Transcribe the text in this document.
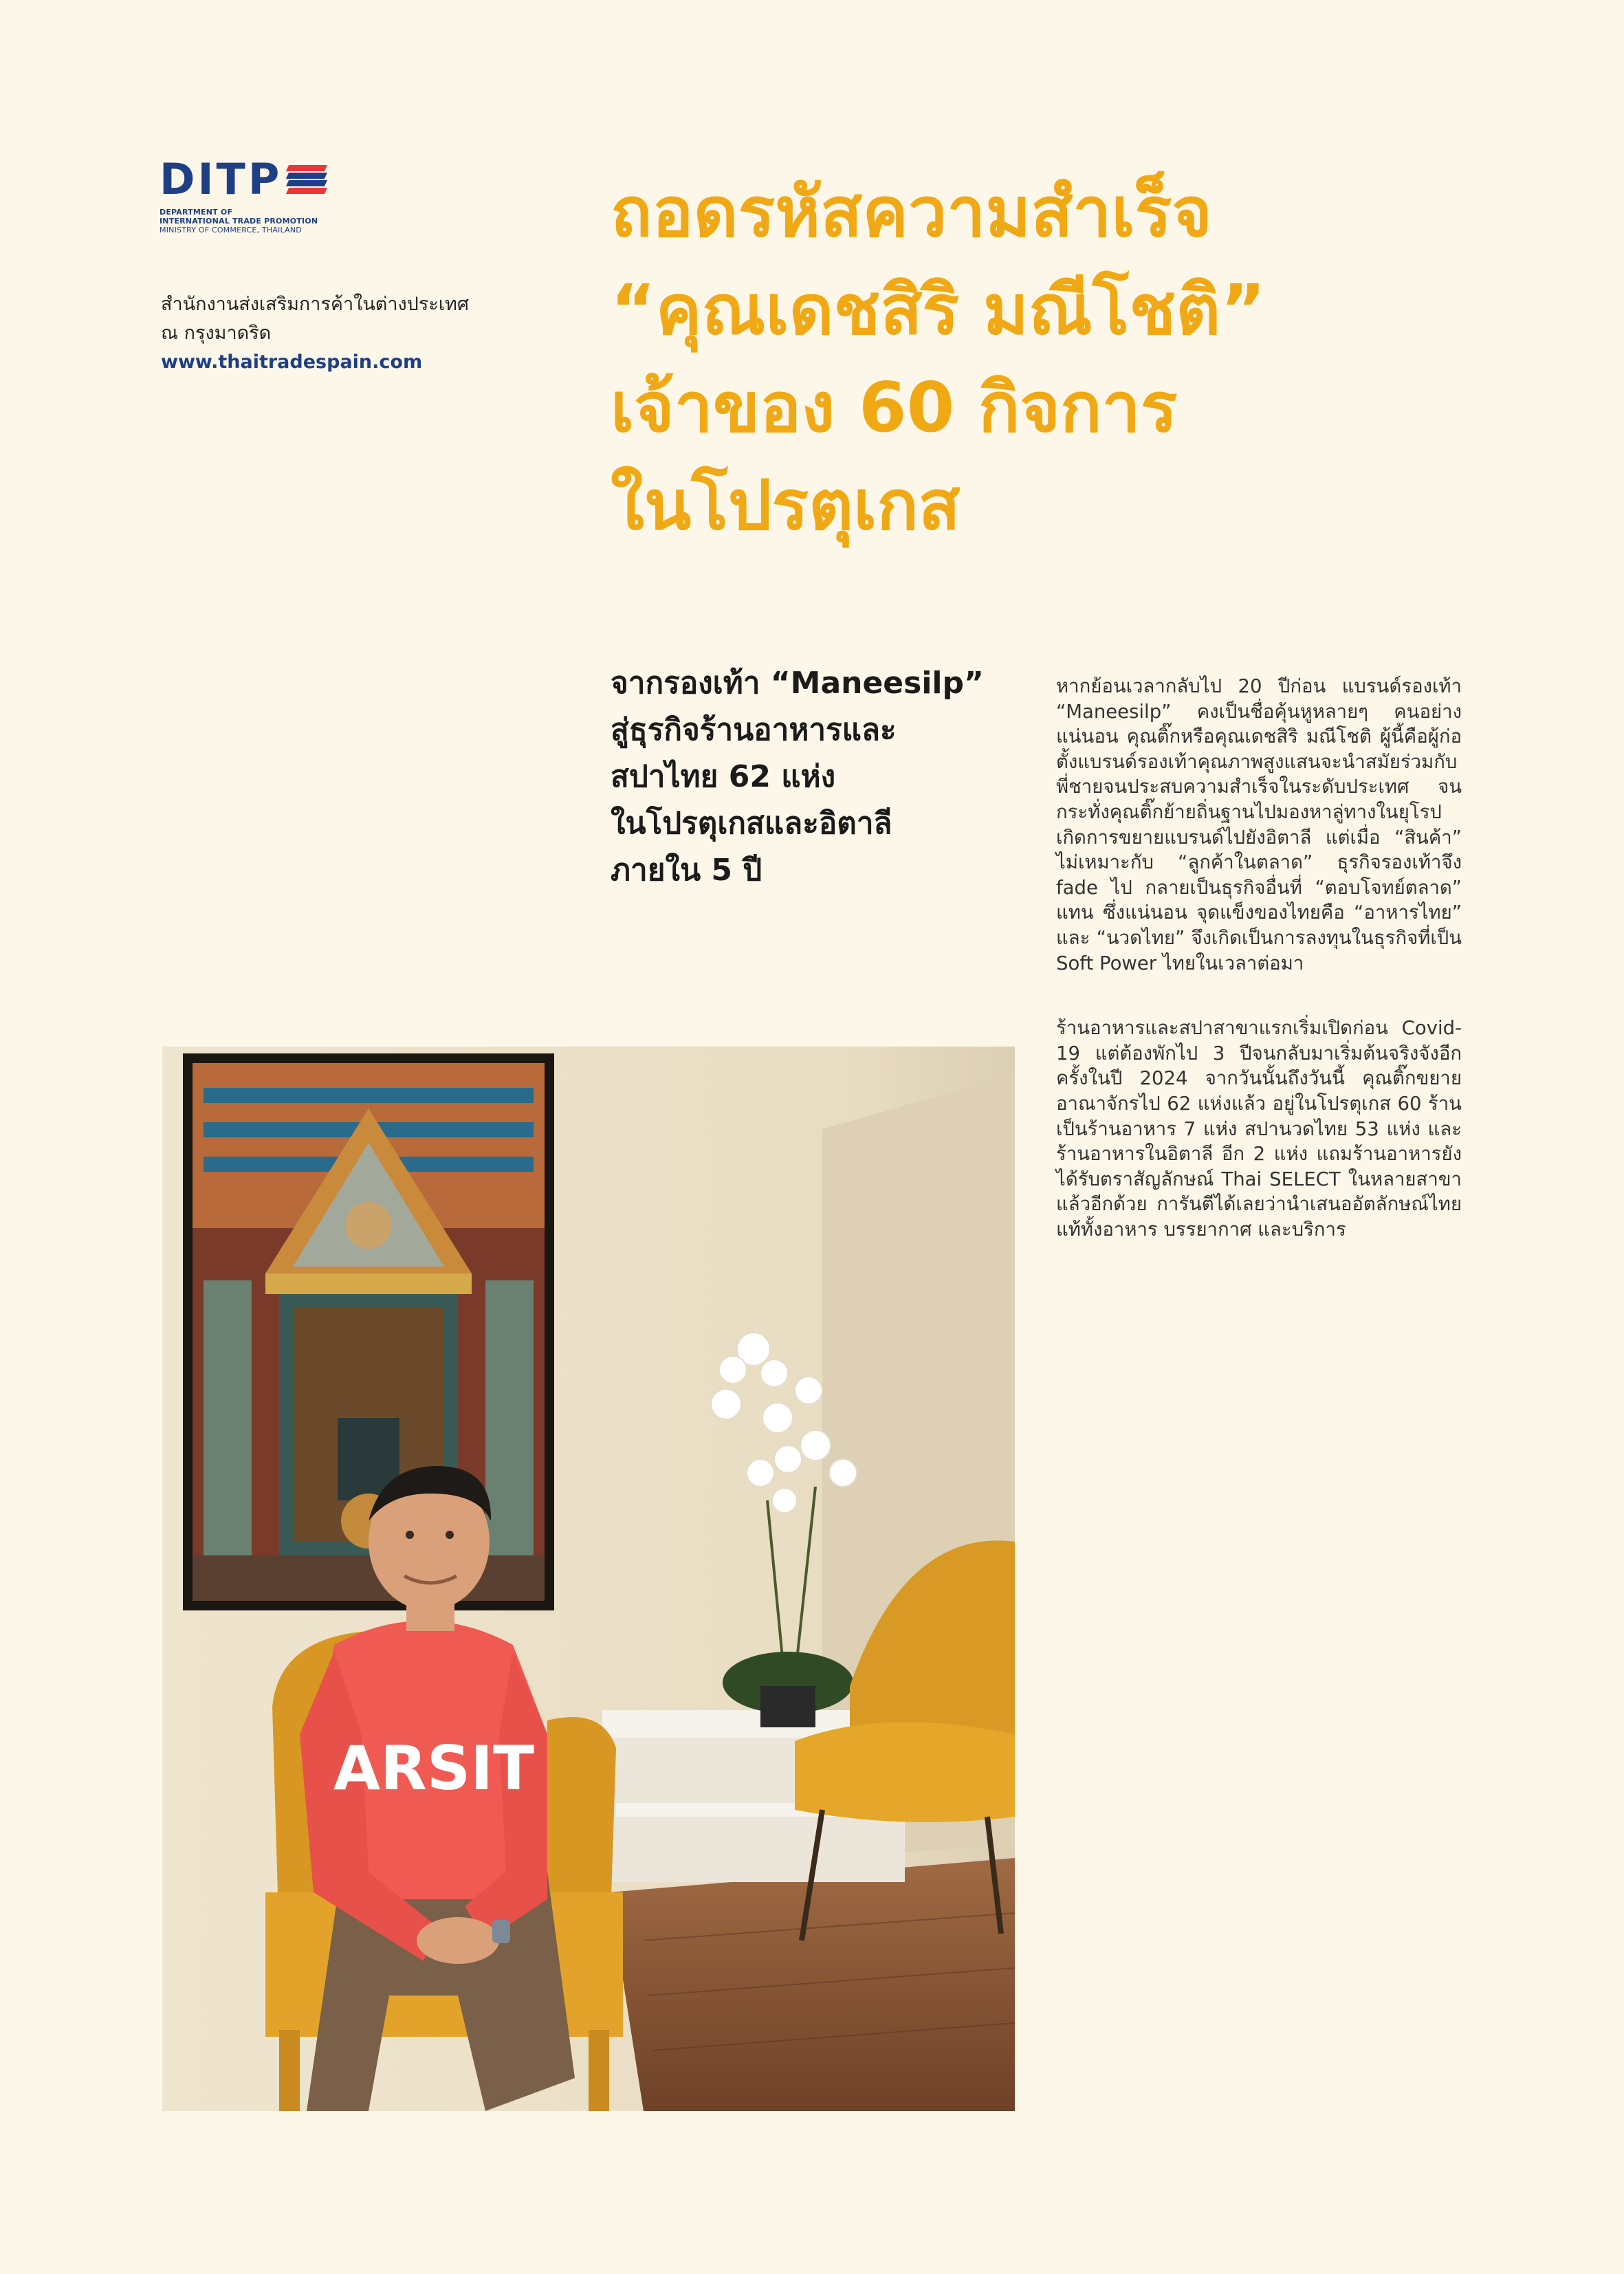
DITP
DEPARTMENT OF
INTERNATIONAL TRADE PROMOTION
MINISTRY OF COMMERCE, THAILAND
สำนักงานส่งเสริมการค้าในต่างประเทศ
ณ กรุงมาดริด
www.thaitradespain.com
ถอดรหัสความสำเร็จ
“คุณเดชสิริ มณีโชติ”
เจ้าของ 60 กิจการ
ในโปรตุเกส
จากรองเท้า “Maneesilp”
สู่ธุรกิจร้านอาหารและ
สปาไทย 62 แห่ง
ในโปรตุเกสและอิตาลี
ภายใน 5 ปี

หากย้อนเวลากลับไป 20 ปีก่อน แบรนด์รองเท้า “Maneesilp” คงเป็นชื่อคุ้นหูหลายๆ คนอย่างแน่นอน คุณติ๊กหรือคุณเดชสิริ มณีโชติ ผู้นี้คือผู้ก่อตั้งแบรนด์รองเท้าคุณภาพสูงแสนจะนำสมัยร่วมกับพี่ชายจนประสบความสำเร็จในระดับประเทศ จนกระทั่งคุณติ๊กย้ายถิ่นฐานไปมองหาลู่ทางในยุโรป เกิดการขยายแบรนด์ไปยังอิตาลี แต่เมื่อ “สินค้า” ไม่เหมาะกับ “ลูกค้าในตลาด” ธุรกิจรองเท้าจึง fade ไป กลายเป็นธุรกิจอื่นที่ “ตอบโจทย์ตลาด” แทน ซึ่งแน่นอน จุดแข็งของไทยคือ “อาหารไทย” และ “นวดไทย” จึงเกิดเป็นการลงทุนในธุรกิจที่เป็น Soft Power ไทยในเวลาต่อมา

ร้านอาหารและสปาสาขาแรกเริ่มเปิดก่อน Covid-19 แต่ต้องพักไป 3 ปีจนกลับมาเริ่มต้นจริงจังอีกครั้งในปี 2024 จากวันนั้นถึงวันนี้ คุณติ๊กขยายอาณาจักรไป 62 แห่งแล้ว อยู่ในโปรตุเกส 60 ร้าน เป็นร้านอาหาร 7 แห่ง สปานวดไทย 53 แห่ง และร้านอาหารในอิตาลี อีก 2 แห่ง แถมร้านอาหารยังได้รับตราสัญลักษณ์ Thai SELECT ในหลายสาขาแล้วอีกด้วย การันตีได้เลยว่านำเสนออัตลักษณ์ไทยแท้ทั้งอาหาร บรรยากาศ และบริการ

ARSIT
